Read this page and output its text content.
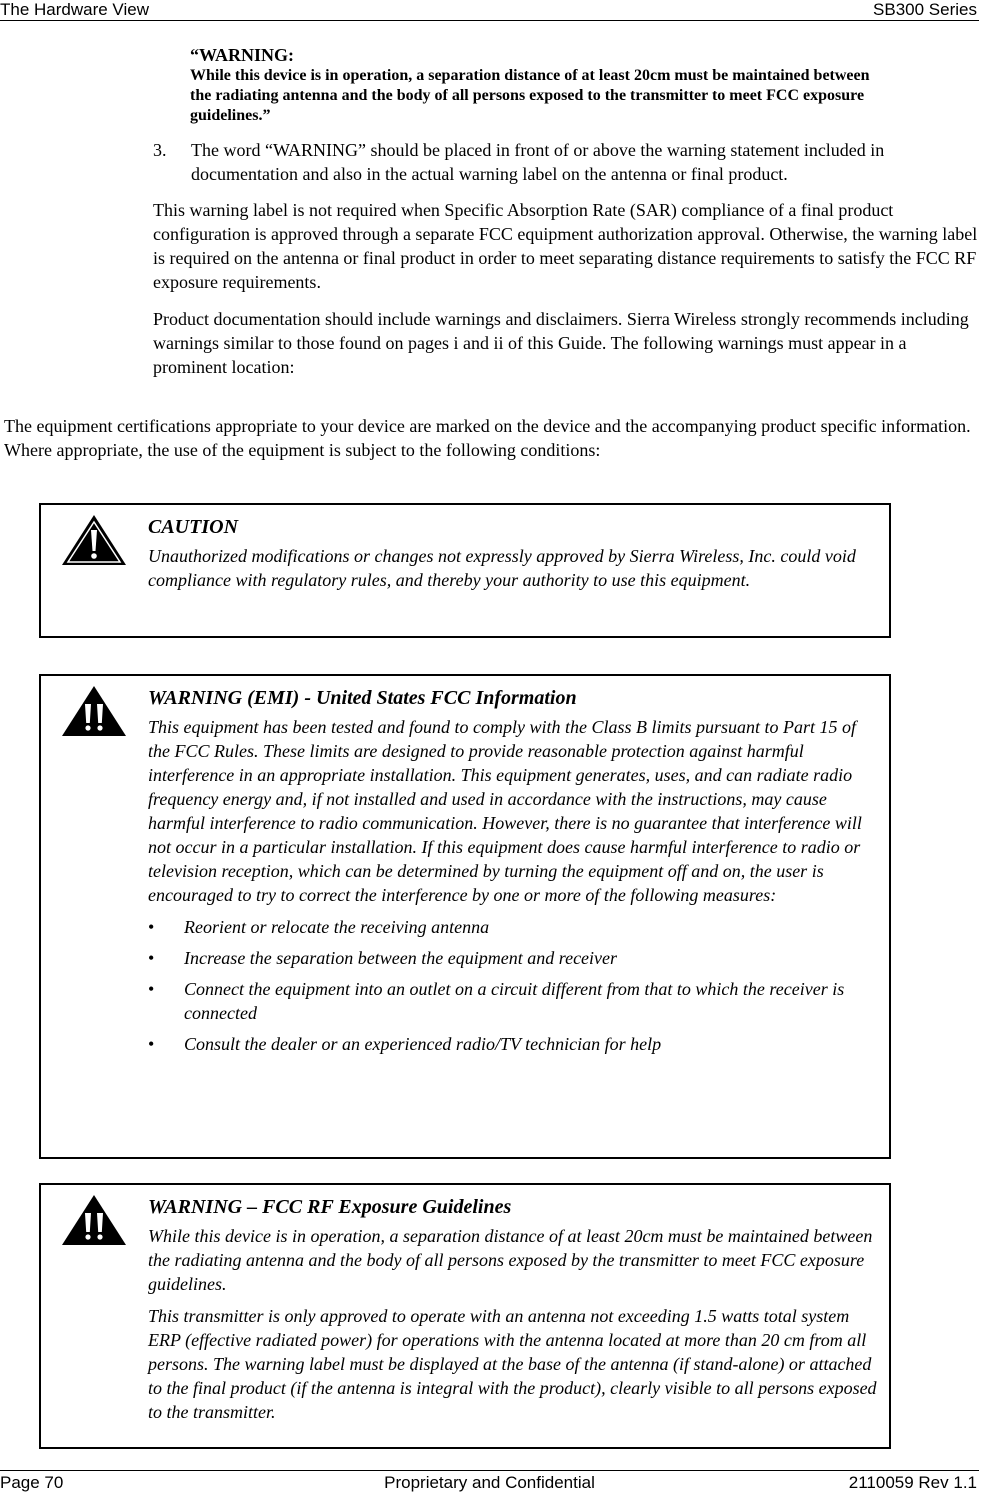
The Hardware View	SB300 Series
“WARNING:
While this device is in operation, a separation distance of at least 20cm must be maintained between the radiating antenna and the body of all persons exposed to the transmitter to meet FCC exposure guidelines.”
3. The word “WARNING” should be placed in front of or above the warning statement included in documentation and also in the actual warning label on the antenna or final product.

This warning label is not required when Specific Absorption Rate (SAR) compliance of a final product configuration is approved through a separate FCC equipment authorization approval. Otherwise, the warning label is required on the antenna or final product in order to meet separating distance requirements to satisfy the FCC RF exposure requirements.

Product documentation should include warnings and disclaimers. Sierra Wireless strongly recommends including warnings similar to those found on pages i and ii of this Guide. The following warnings must appear in a prominent location:

The equipment certifications appropriate to your device are marked on the device and the accompanying product specific information. Where appropriate, the use of the equipment is subject to the following conditions:

CAUTION

Unauthorized modifications or changes not expressly approved by Sierra Wireless, Inc. could void compliance with regulatory rules, and thereby your authority to use this equipment.

WARNING (EMI) - United States FCC Information

This equipment has been tested and found to comply with the Class B limits pursuant to Part 15 of the FCC Rules. These limits are designed to provide reasonable protection against harmful interference in an appropriate installation. This equipment generates, uses, and can radiate radio frequency energy and, if not installed and used in accordance with the instructions, may cause harmful interference to radio communication. However, there is no guarantee that interference will not occur in a particular installation. If this equipment does cause harmful interference to radio or television reception, which can be determined by turning the equipment off and on, the user is encouraged to try to correct the interference by one or more of the following measures:

• Reorient or relocate the receiving antenna
• Increase the separation between the equipment and receiver
• Connect the equipment into an outlet on a circuit different from that to which the receiver is connected
• Consult the dealer or an experienced radio/TV technician for help
WARNING – FCC RF Exposure Guidelines

While this device is in operation, a separation distance of at least 20cm must be maintained between the radiating antenna and the body of all persons exposed by the transmitter to meet FCC exposure guidelines.

This transmitter is only approved to operate with an antenna not exceeding 1.5 watts total system ERP (effective radiated power) for operations with the antenna located at more than 20 cm from all persons. The warning label must be displayed at the base of the antenna (if stand-alone) or attached to the final product (if the antenna is integral with the product), clearly visible to all persons exposed to the transmitter.

Page 70	Proprietary and Confidential	2110059 Rev 1.1
